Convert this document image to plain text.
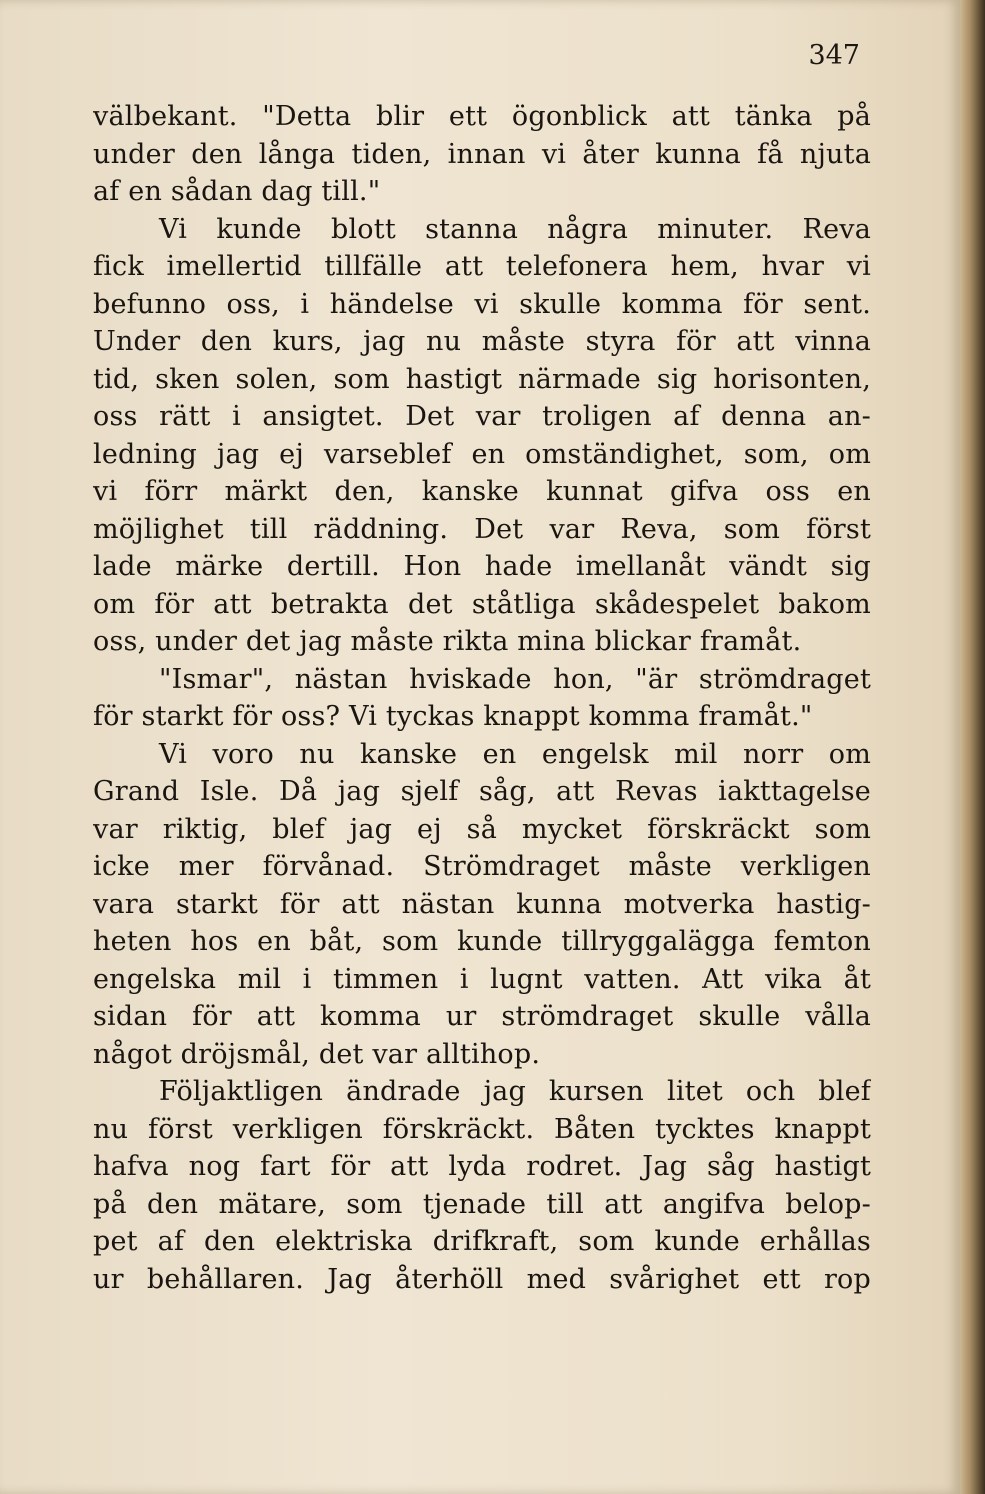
347
välbekant. "Detta blir ett ögonblick att tänka på
under den långa tiden, innan vi åter kunna få njuta
af en sådan dag till."
Vi kunde blott stanna några minuter. Reva
fick imellertid tillfälle att telefonera hem, hvar vi
befunno oss, i händelse vi skulle komma för sent.
Under den kurs, jag nu måste styra för att vinna
tid, sken solen, som hastigt närmade sig horisonten,
oss rätt i ansigtet. Det var troligen af denna an-
ledning jag ej varseblef en omständighet, som, om
vi förr märkt den, kanske kunnat gifva oss en
möjlighet till räddning. Det var Reva, som först
lade märke dertill. Hon hade imellanåt vändt sig
om för att betrakta det ståtliga skådespelet bakom
oss, under det jag måste rikta mina blickar framåt.
"Ismar", nästan hviskade hon, "är strömdraget
för starkt för oss? Vi tyckas knappt komma framåt."
Vi voro nu kanske en engelsk mil norr om
Grand Isle. Då jag sjelf såg, att Revas iakttagelse
var riktig, blef jag ej så mycket förskräckt som
icke mer förvånad. Strömdraget måste verkligen
vara starkt för att nästan kunna motverka hastig-
heten hos en båt, som kunde tillryggalägga femton
engelska mil i timmen i lugnt vatten. Att vika åt
sidan för att komma ur strömdraget skulle vålla
något dröjsmål, det var alltihop.
Följaktligen ändrade jag kursen litet och blef
nu först verkligen förskräckt. Båten tycktes knappt
hafva nog fart för att lyda rodret. Jag såg hastigt
på den mätare, som tjenade till att angifva belop-
pet af den elektriska drifkraft, som kunde erhållas
ur behållaren. Jag återhöll med svårighet ett rop
